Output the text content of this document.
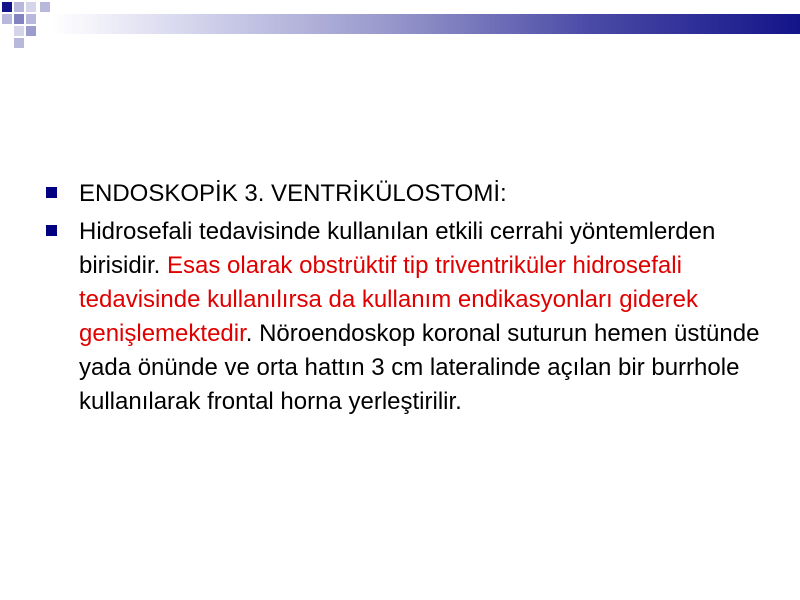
ENDOSKOPİK 3. VENTRİKÜLOSTOMİ:
Hidrosefali tedavisinde kullanılan etkili cerrahi yöntemlerden birisidir. Esas olarak obstrüktif tip triventriküler hidrosefali tedavisinde kullanılırsa da kullanım endikasyonları giderek genişlemektedir. Nöroendoskop koronal suturun hemen üstünde yada önünde ve orta hattın 3 cm lateralinde açılan bir burrhole kullanılarak frontal horna yerleştirilir.
